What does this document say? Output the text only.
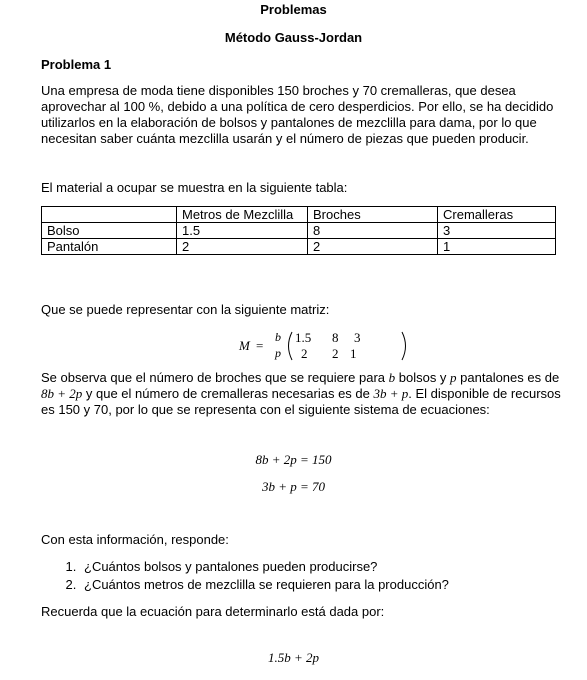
Problemas
Método Gauss-Jordan
Problema 1
Una empresa de moda tiene disponibles 150 broches y 70 cremalleras, que desea aprovechar al 100 %, debido a una política de cero desperdicios. Por ello, se ha decidido utilizarlos en la elaboración de bolsos y pantalones de mezclilla para dama, por lo que necesitan saber cuánta mezclilla usarán y el número de piezas que pueden producir.
El material a ocupar se muestra en la siguiente tabla:
	Metros de Mezclilla	Broches	Cremalleras
Bolso	1.5	8	3
Pantalón	2	2	1
Que se puede representar con la siguiente matriz:
M =
b
p
1.5 8 3
2 2 1
Se observa que el número de broches que se requiere para b bolsos y p pantalones es de 8b + 2p y que el número de cremalleras necesarias es de 3b + p. El disponible de recursos es 150 y 70, por lo que se representa con el siguiente sistema de ecuaciones:
8b + 2p = 150
3b + p = 70
Con esta información, responde:
1. ¿Cuántos bolsos y pantalones pueden producirse?
2. ¿Cuántos metros de mezclilla se requieren para la producción?
Recuerda que la ecuación para determinarlo está dada por:
1.5b + 2p
